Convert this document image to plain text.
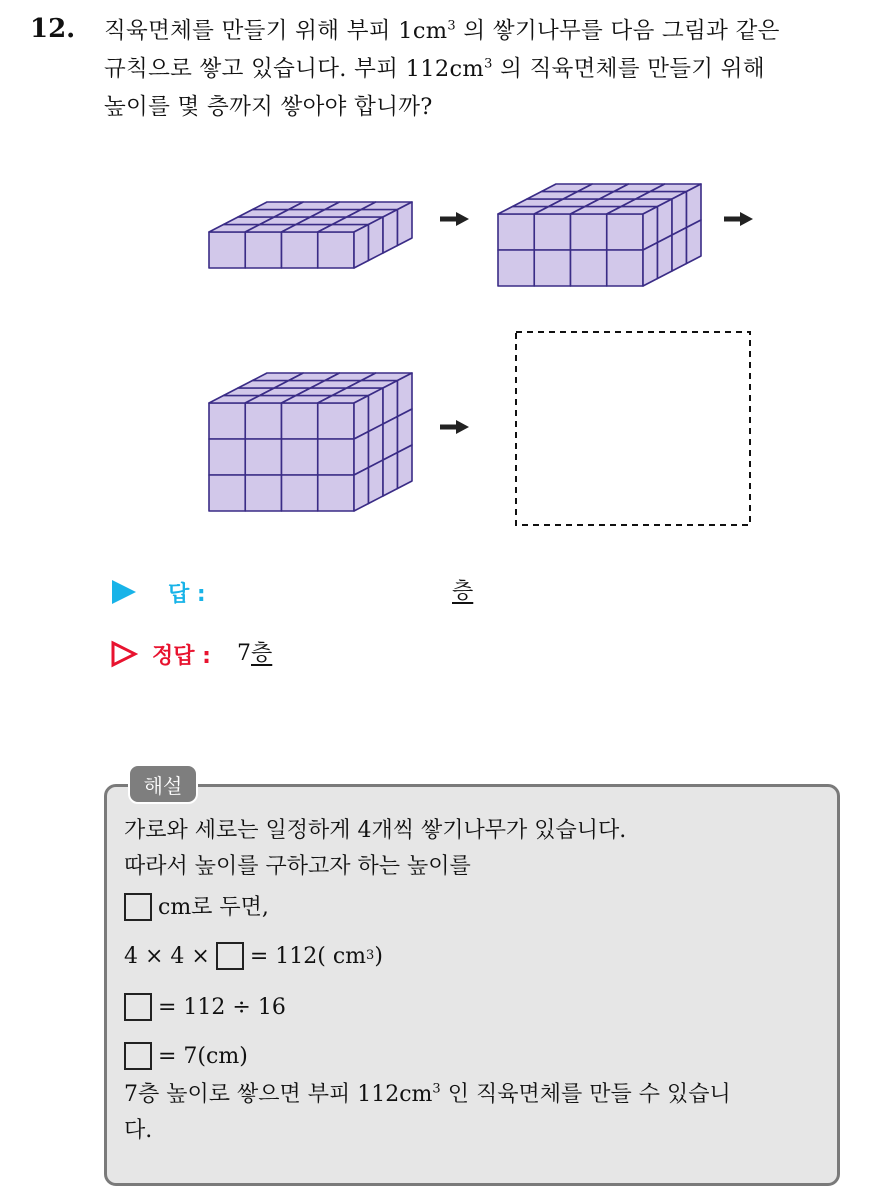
12. 직육면체를 만들기 위해 부피 $1cm^3$ 의 쌓기나무를 다음 그림과 같은
규칙으로 쌓고 있습니다. 부피 $112cm^3$ 의 직육면체를 만들기 위해
높이를 몇 층까지 쌓아야 합니까?
답 :	층
정답 : 7층
해설
가로와 세로는 일정하게 4개씩 쌓기나무가 있습니다.
따라서 높이를 구하고자 하는 높이를
cm로 두면,
4 × 4 × = 112( cm 3 )
= 112 ÷ 16
= 7(cm)
7층 높이로 쌓으면 부피 $112cm^3$ 인 직육면체를 만들 수 있습니
다.
